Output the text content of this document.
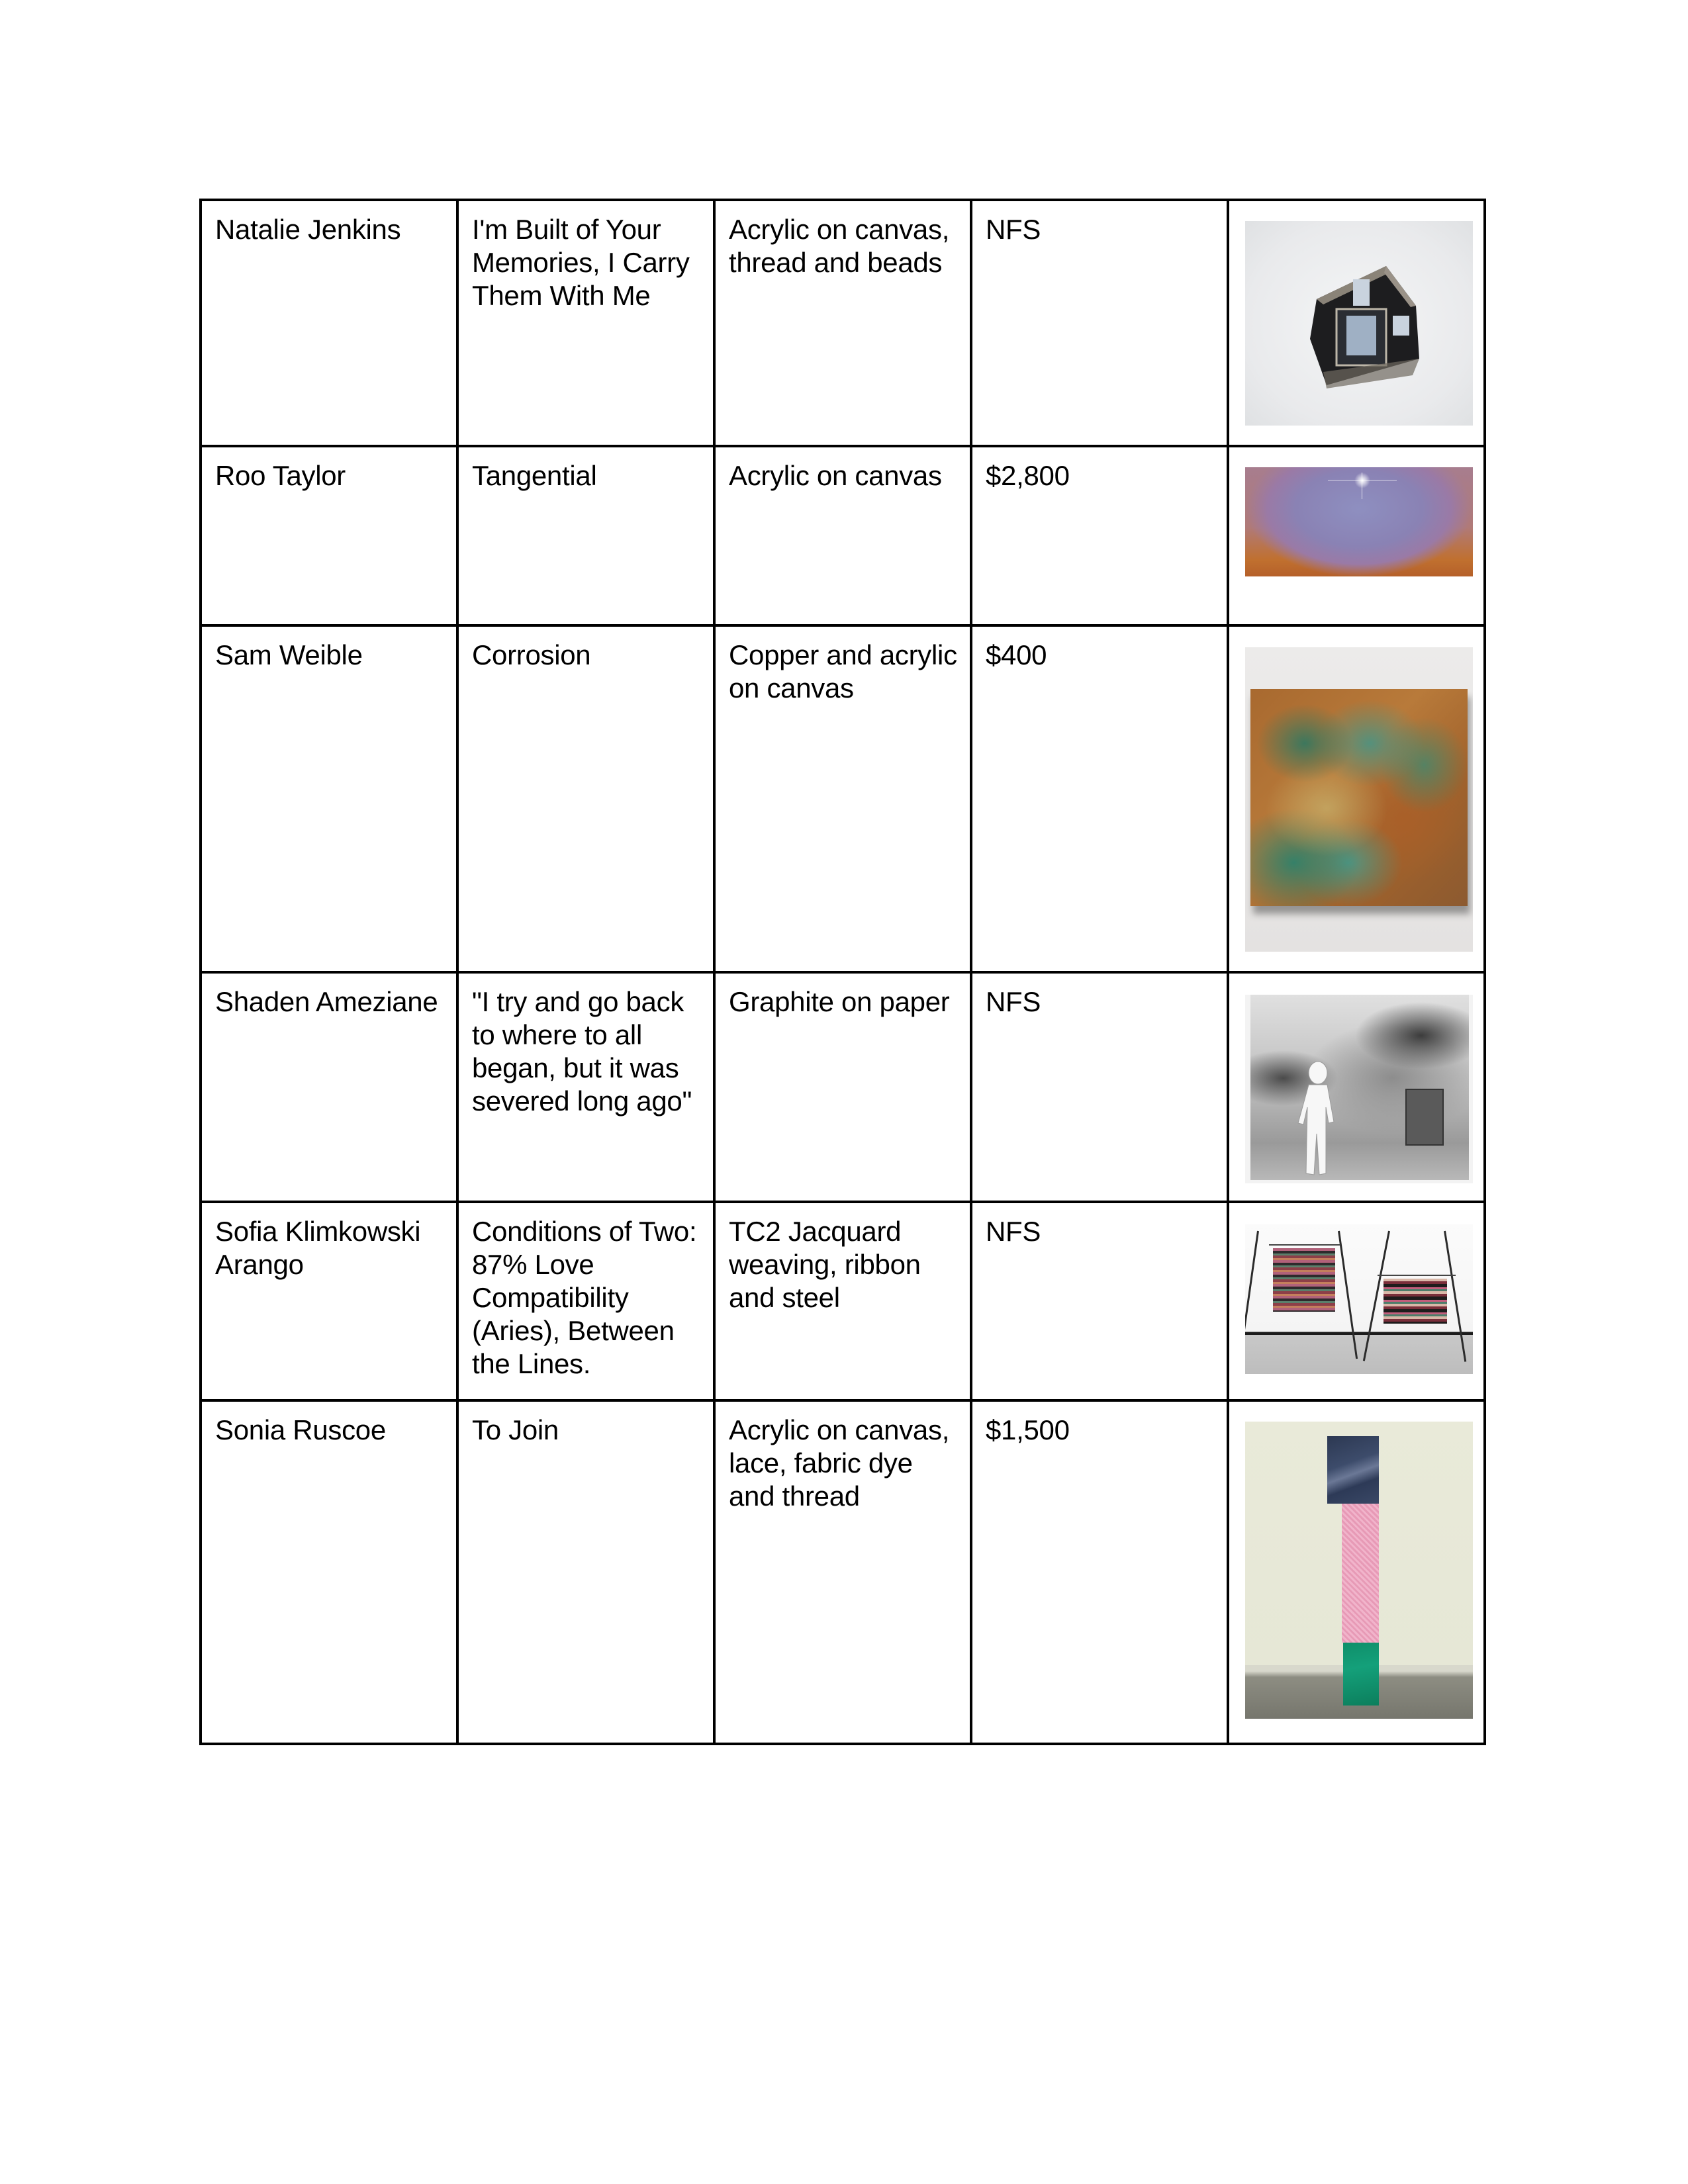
Natalie Jenkins	I'm Built of Your Memories, I Carry Them With Me	Acrylic on canvas, thread and beads	NFS

Roo Taylor	Tangential	Acrylic on canvas	$2,800	

Sam Weible	Corrosion	Copper and acrylic on canvas	$400	

Shaden Ameziane	"I try and go back to where to all began, but it was severed long ago"	Graphite on paper	NFS

Sofia Klimkowski Arango	Conditions of Two: 87% Love Compatibility (Aries), Between the Lines.	TC2 Jacquard weaving, ribbon and steel	NFS	

Sonia Ruscoe	To Join	Acrylic on canvas, lace, fabric dye and thread	$1,500	
